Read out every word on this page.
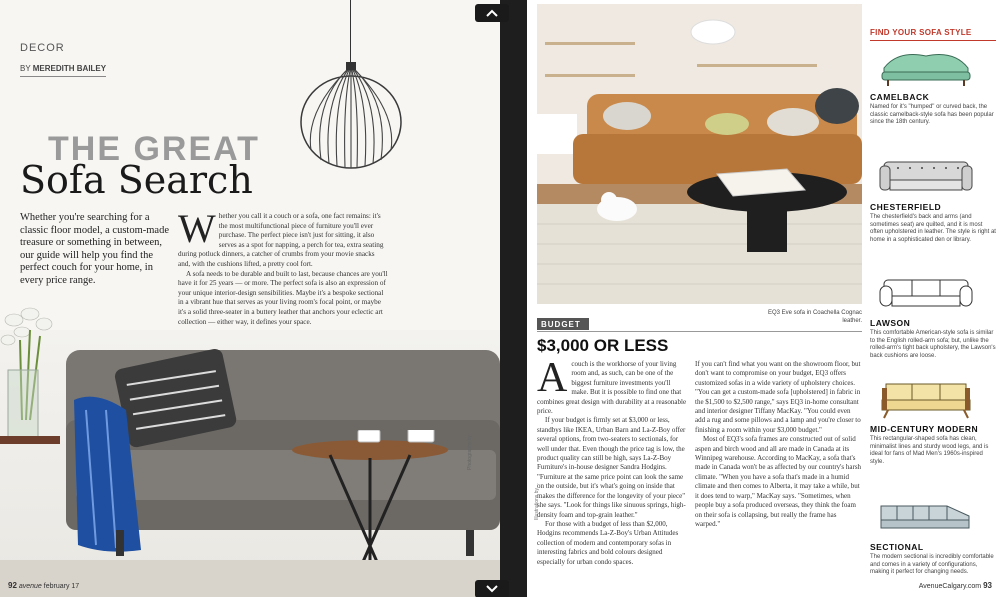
DECOR
BY MEREDITH BAILEY
THE GREAT
Sofa Search
Whether you're searching for a classic floor model, a custom-made treasure or something in between, our guide will help you find the perfect couch for your home, in every price range.

Whether you call it a couch or a sofa, one fact remains: it's the most multifunctional piece of furniture you'll ever purchase. The perfect piece isn't just for sitting, it also serves as a spot for napping, a perch for tea, extra seating during potluck dinners, a catcher of crumbs from your movie snacks and, with the cushions lifted, a pretty cool fort.

A sofa needs to be durable and built to last, because chances are you'll have it for 25 years — or more. The perfect sofa is also an expression of your unique interior-design sensibilities. Maybe it's a bespoke sectional in a vibrant hue that serves as your living room's focal point, or maybe it's a solid three-seater in a buttery leather that anchors your eclectic art collection — either way, it defines your space.

92 avenue february 17
Photography by ...
EQ3 Eve sofa in Coachella Cognac leather.
BUDGET
$3,000 OR LESS

Acouch is the workhorse of your living room and, as such, can be one of the biggest furniture investments you'll make. But it is possible to find one that combines great design with durability at a reasonable price.

If your budget is firmly set at $3,000 or less, standbys like IKEA, Urban Barn and La-Z-Boy offer several options, from two-seaters to sectionals, for well under that. Even though the price tag is low, the product quality can still be high, says La-Z-Boy Furniture's in-house designer Sandra Hodgins. "Furniture at the same price point can look the same on the outside, but it's what's going on inside that makes the difference for the longevity of your piece" she says. "Look for things like sinuous springs, high-density foam and top-grain leather."

For those with a budget of less than $2,000, Hodgins recommends La-Z-Boy's Urban Attitudes collection of modern and contemporary sofas in interesting fabrics and bold colours designed especially for urban condo spaces.

If you can't find what you want on the showroom floor, but don't want to compromise on your budget, EQ3 offers customized sofas in a wide variety of upholstery choices. "You can get a custom-made sofa [upholstered] in fabric in the $1,500 to $2,500 range," says EQ3 in-home consultant and interior designer Tiffany MacKay. "You could even add a rug and some pillows and a lamp and you're closer to finishing a room within your $3,000 budget."

Most of EQ3's sofa frames are constructed out of solid aspen and birch wood and all are made in Canada at its Winnipeg warehouse. According to MacKay, a sofa that's made in Canada won't be as affected by our country's harsh climate. "When you have a sofa that's made in a humid climate and then comes to Alberta, it may take a while, but it does tend to warp," MacKay says. "Sometimes, when people buy a sofa produced overseas, they think the foam on their sofa is collapsing, but really the frame has warped."

Illustrations by ...
FIND YOUR SOFA STYLE
CAMELBACK
Named for it's "humped" or curved back, the classic camelback-style sofa has been popular since the 18th century.
CHESTERFIELD
The chesterfield's back and arms (and sometimes seat) are quilted, and it is most often upholstered in leather. The style is right at home in a sophisticated den or library.
LAWSON
This comfortable American-style sofa is similar to the English rolled-arm sofa; but, unlike the rolled-arm's tight back upholstery, the Lawson's back cushions are loose.
MID-CENTURY MODERN
This rectangular-shaped sofa has clean, minimalist lines and sturdy wood legs, and is ideal for fans of Mad Men's 1960s-inspired style.
SECTIONAL
The modern sectional is incredibly comfortable and comes in a variety of configurations, making it perfect for changing needs.
AvenueCalgary.com 93
